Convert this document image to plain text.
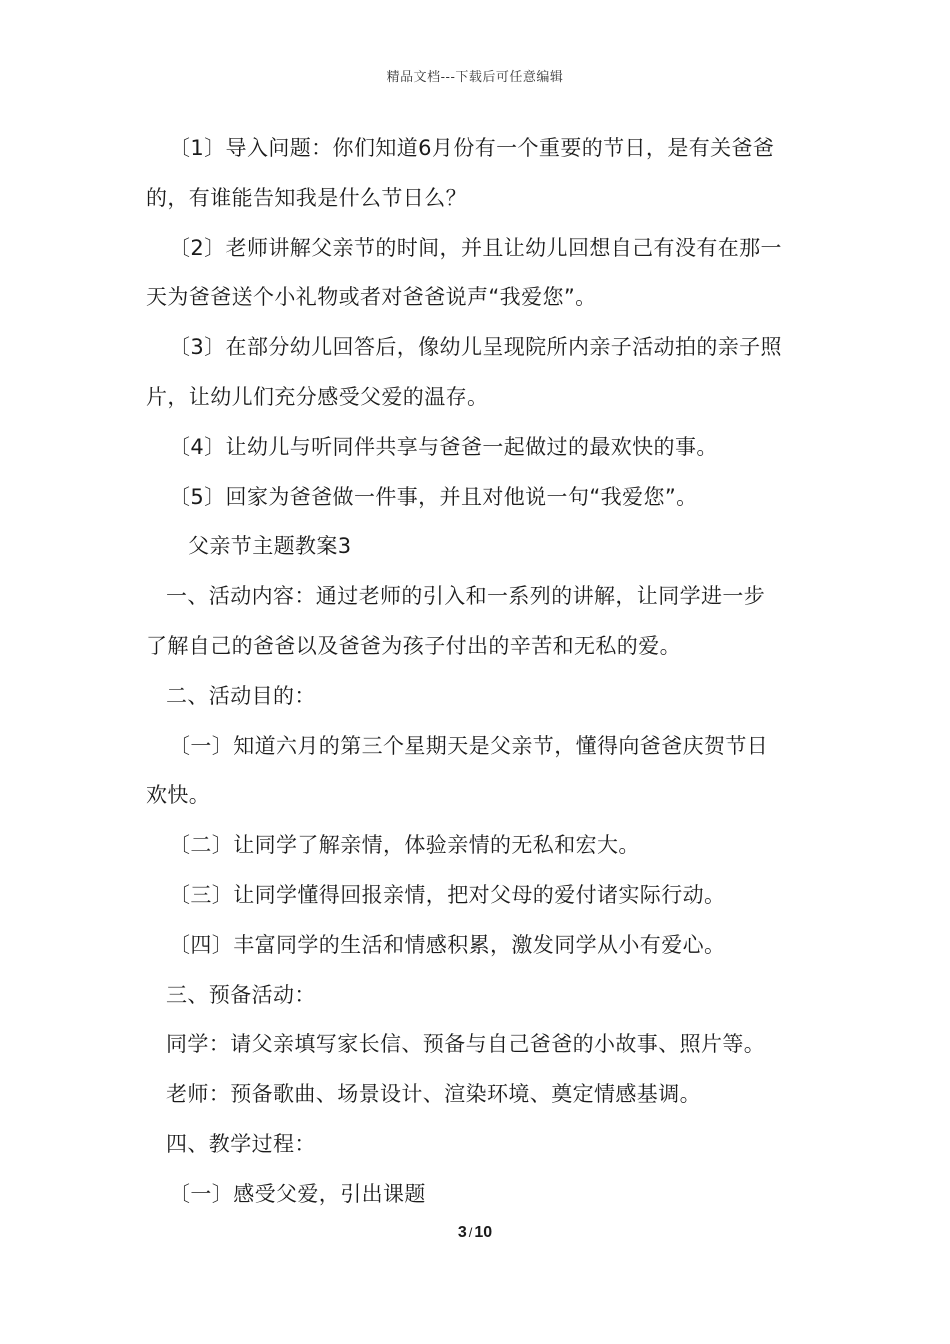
精品文档---下载后可任意编辑
〔1〕导入问题：你们知道6月份有一个重要的节日，是有关爸爸
的，有谁能告知我是什么节日么？
〔2〕老师讲解父亲节的时间，并且让幼儿回想自己有没有在那一
天为爸爸送个小礼物或者对爸爸说声“我爱您”。
〔3〕在部分幼儿回答后，像幼儿呈现院所内亲子活动拍的亲子照
片，让幼儿们充分感受父爱的温存。
〔4〕让幼儿与听同伴共享与爸爸一起做过的最欢快的事。
〔5〕回家为爸爸做一件事，并且对他说一句“我爱您”。
父亲节主题教案3
一、活动内容：通过老师的引入和一系列的讲解，让同学进一步
了解自己的爸爸以及爸爸为孩子付出的辛苦和无私的爱。
二、活动目的：
〔一〕知道六月的第三个星期天是父亲节，懂得向爸爸庆贺节日
欢快。
〔二〕让同学了解亲情，体验亲情的无私和宏大。
〔三〕让同学懂得回报亲情，把对父母的爱付诸实际行动。
〔四〕丰富同学的生活和情感积累，激发同学从小有爱心。
三、预备活动：
同学：请父亲填写家长信、预备与自己爸爸的小故事、照片等。
老师：预备歌曲、场景设计、渲染环境、奠定情感基调。
四、教学过程：
〔一〕感受父爱，引出课题
3 / 10
